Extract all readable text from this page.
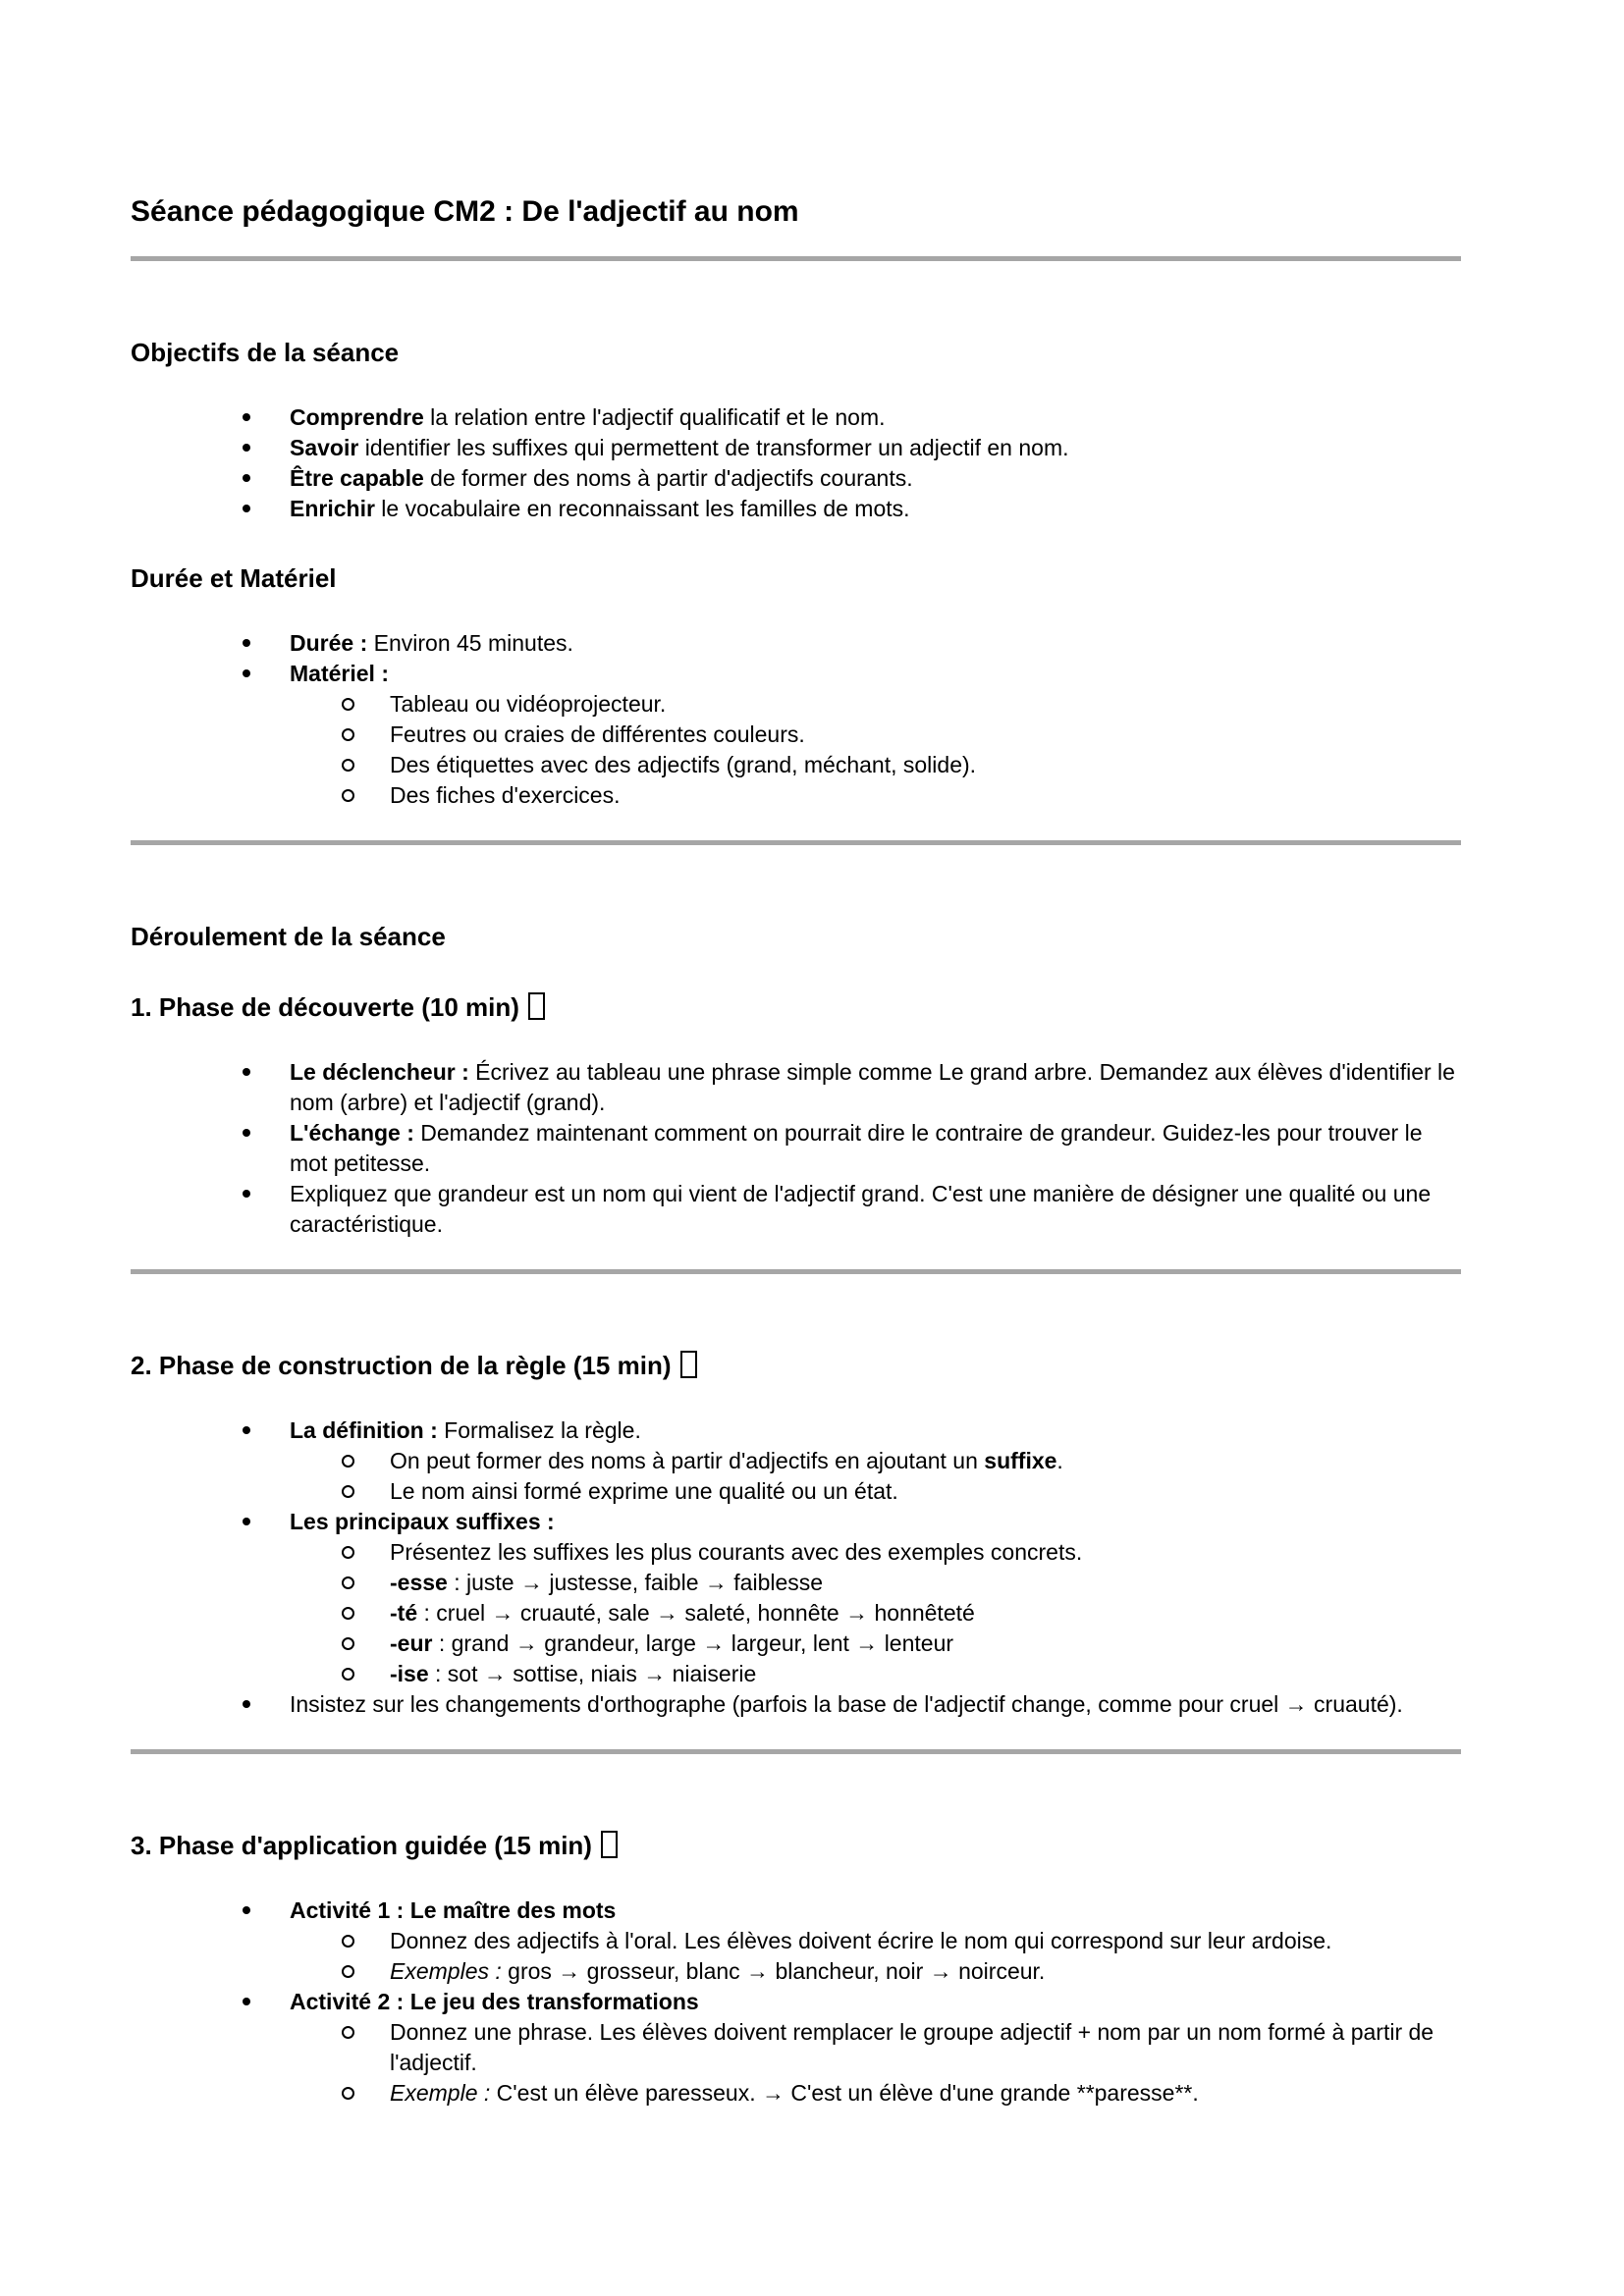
Séance pédagogique CM2 : De l'adjectif au nom
Objectifs de la séance
Comprendre la relation entre l'adjectif qualificatif et le nom.
Savoir identifier les suffixes qui permettent de transformer un adjectif en nom.
Être capable de former des noms à partir d'adjectifs courants.
Enrichir le vocabulaire en reconnaissant les familles de mots.
Durée et Matériel
Durée : Environ 45 minutes.
Matériel :
Tableau ou vidéoprojecteur.
Feutres ou craies de différentes couleurs.
Des étiquettes avec des adjectifs (grand, méchant, solide).
Des fiches d'exercices.
Déroulement de la séance
1. Phase de découverte (10 min)
Le déclencheur : Écrivez au tableau une phrase simple comme Le grand arbre. Demandez aux élèves d'identifier le nom (arbre) et l'adjectif (grand).
L'échange : Demandez maintenant comment on pourrait dire le contraire de grandeur. Guidez-les pour trouver le mot petitesse.
Expliquez que grandeur est un nom qui vient de l'adjectif grand. C'est une manière de désigner une qualité ou une caractéristique.
2. Phase de construction de la règle (15 min)
La définition : Formalisez la règle.
On peut former des noms à partir d'adjectifs en ajoutant un suffixe.
Le nom ainsi formé exprime une qualité ou un état.
Les principaux suffixes :
Présentez les suffixes les plus courants avec des exemples concrets.
-esse : juste → justesse, faible → faiblesse
-té : cruel → cruauté, sale → saleté, honnête → honnêteté
-eur : grand → grandeur, large → largeur, lent → lenteur
-ise : sot → sottise, niais → niaiserie
Insistez sur les changements d'orthographe (parfois la base de l'adjectif change, comme pour cruel → cruauté).
3. Phase d'application guidée (15 min)
Activité 1 : Le maître des mots
Donnez des adjectifs à l'oral. Les élèves doivent écrire le nom qui correspond sur leur ardoise.
Exemples : gros → grosseur, blanc → blancheur, noir → noirceur.
Activité 2 : Le jeu des transformations
Donnez une phrase. Les élèves doivent remplacer le groupe adjectif + nom par un nom formé à partir de l'adjectif.
Exemple : C'est un élève paresseux. → C'est un élève d'une grande **paresse**.
